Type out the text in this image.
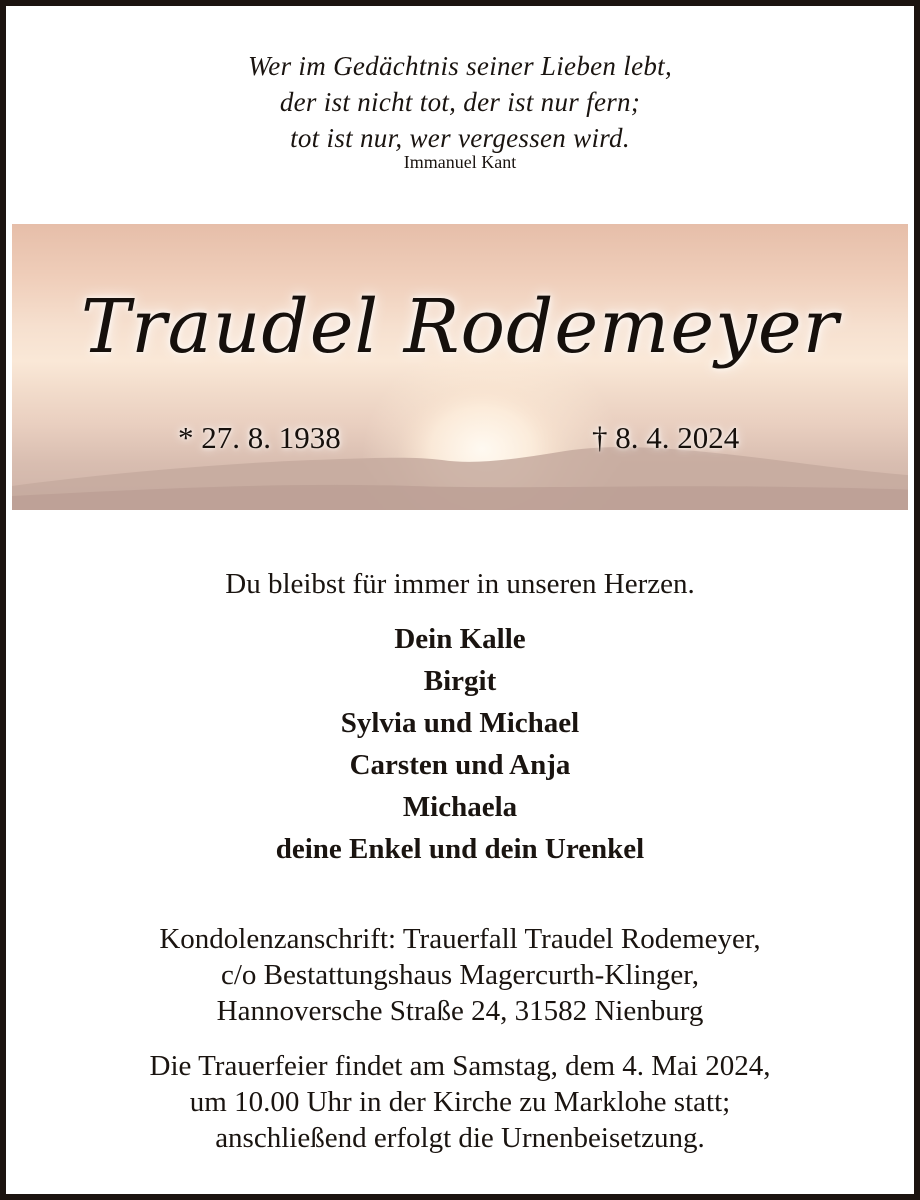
Wer im Gedächtnis seiner Lieben lebt,
der ist nicht tot, der ist nur fern;
tot ist nur, wer vergessen wird.
Immanuel Kant
Traudel Rodemeyer
* 27. 8. 1938	† 8. 4. 2024
Du bleibst für immer in unseren Herzen.
Dein Kalle
Birgit
Sylvia und Michael
Carsten und Anja
Michaela
deine Enkel und dein Urenkel
Kondolenzanschrift: Trauerfall Traudel Rodemeyer,
c/o Bestattungshaus Magercurth-Klinger,
Hannoversche Straße 24, 31582 Nienburg
Die Trauerfeier findet am Samstag, dem 4. Mai 2024,
um 10.00 Uhr in der Kirche zu Marklohe statt;
anschließend erfolgt die Urnenbeisetzung.
